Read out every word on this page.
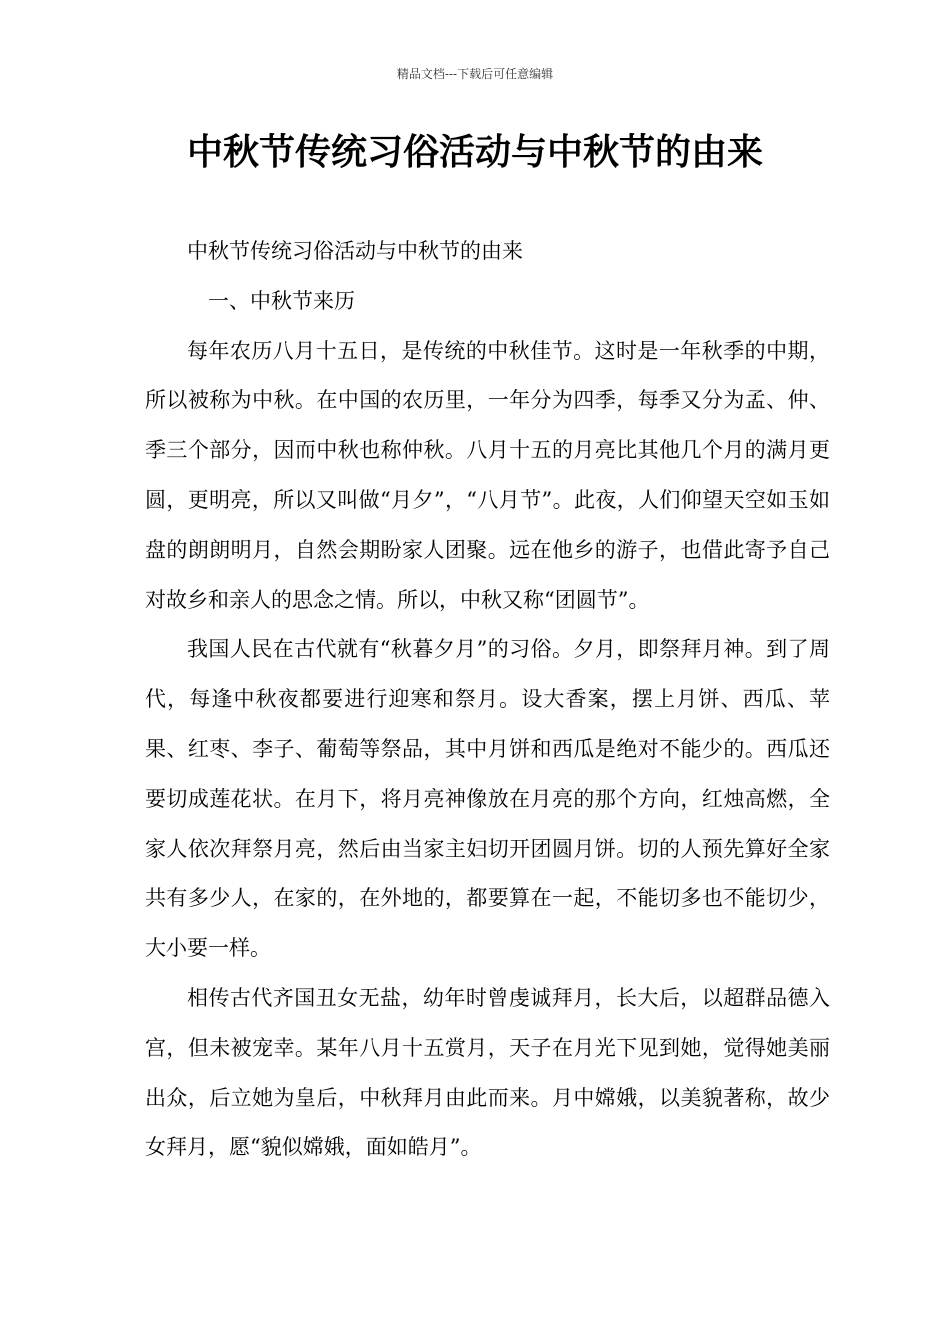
精品文档---下载后可任意编辑
中秋节传统习俗活动与中秋节的由来

中秋节传统习俗活动与中秋节的由来

一、中秋节来历

每年农历八月十五日，是传统的中秋佳节。这时是一年秋季的中期，所以被称为中秋。在中国的农历里，一年分为四季，每季又分为孟、仲、季三个部分，因而中秋也称仲秋。八月十五的月亮比其他几个月的满月更圆，更明亮，所以又叫做“月夕”，“八月节”。此夜，人们仰望天空如玉如盘的朗朗明月，自然会期盼家人团聚。远在他乡的游子，也借此寄予自己对故乡和亲人的思念之情。所以，中秋又称“团圆节”。

我国人民在古代就有“秋暮夕月”的习俗。夕月，即祭拜月神。到了周代，每逢中秋夜都要进行迎寒和祭月。设大香案，摆上月饼、西瓜、苹果、红枣、李子、葡萄等祭品，其中月饼和西瓜是绝对不能少的。西瓜还要切成莲花状。在月下，将月亮神像放在月亮的那个方向，红烛高燃，全家人依次拜祭月亮，然后由当家主妇切开团圆月饼。切的人预先算好全家共有多少人，在家的，在外地的，都要算在一起，不能切多也不能切少，大小要一样。

相传古代齐国丑女无盐，幼年时曾虔诚拜月，长大后，以超群品德入宫，但未被宠幸。某年八月十五赏月，天子在月光下见到她，觉得她美丽出众，后立她为皇后，中秋拜月由此而来。月中嫦娥，以美貌著称，故少女拜月，愿“貌似嫦娥，面如皓月”。
